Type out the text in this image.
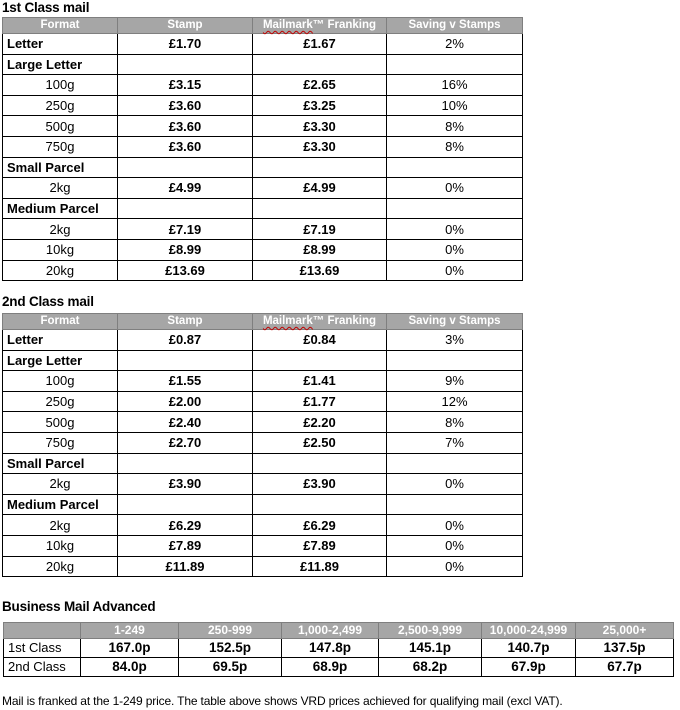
1st Class mail
Format	Stamp	Mailmark™ Franking	Saving v Stamps
Letter	£1.70	£1.67	2%
Large Letter			
100g	£3.15	£2.65	16%
250g	£3.60	£3.25	10%
500g	£3.60	£3.30	8%
750g	£3.60	£3.30	8%
Small Parcel			
2kg	£4.99	£4.99	0%
Medium Parcel			
2kg	£7.19	£7.19	0%
10kg	£8.99	£8.99	0%
20kg	£13.69	£13.69	0%
2nd Class mail
Format	Stamp	Mailmark™ Franking	Saving v Stamps
Letter	£0.87	£0.84	3%
Large Letter			
100g	£1.55	£1.41	9%
250g	£2.00	£1.77	12%
500g	£2.40	£2.20	8%
750g	£2.70	£2.50	7%
Small Parcel			
2kg	£3.90	£3.90	0%
Medium Parcel			
2kg	£6.29	£6.29	0%
10kg	£7.89	£7.89	0%
20kg	£11.89	£11.89	0%
Business Mail Advanced
	1-249	250-999	1,000-2,499	2,500-9,999	10,000-24,999	25,000+
1st Class	167.0p	152.5p	147.8p	145.1p	140.7p	137.5p
2nd Class	84.0p	69.5p	68.9p	68.2p	67.9p	67.7p
Mail is franked at the 1-249 price. The table above shows VRD prices achieved for qualifying mail (excl VAT).
